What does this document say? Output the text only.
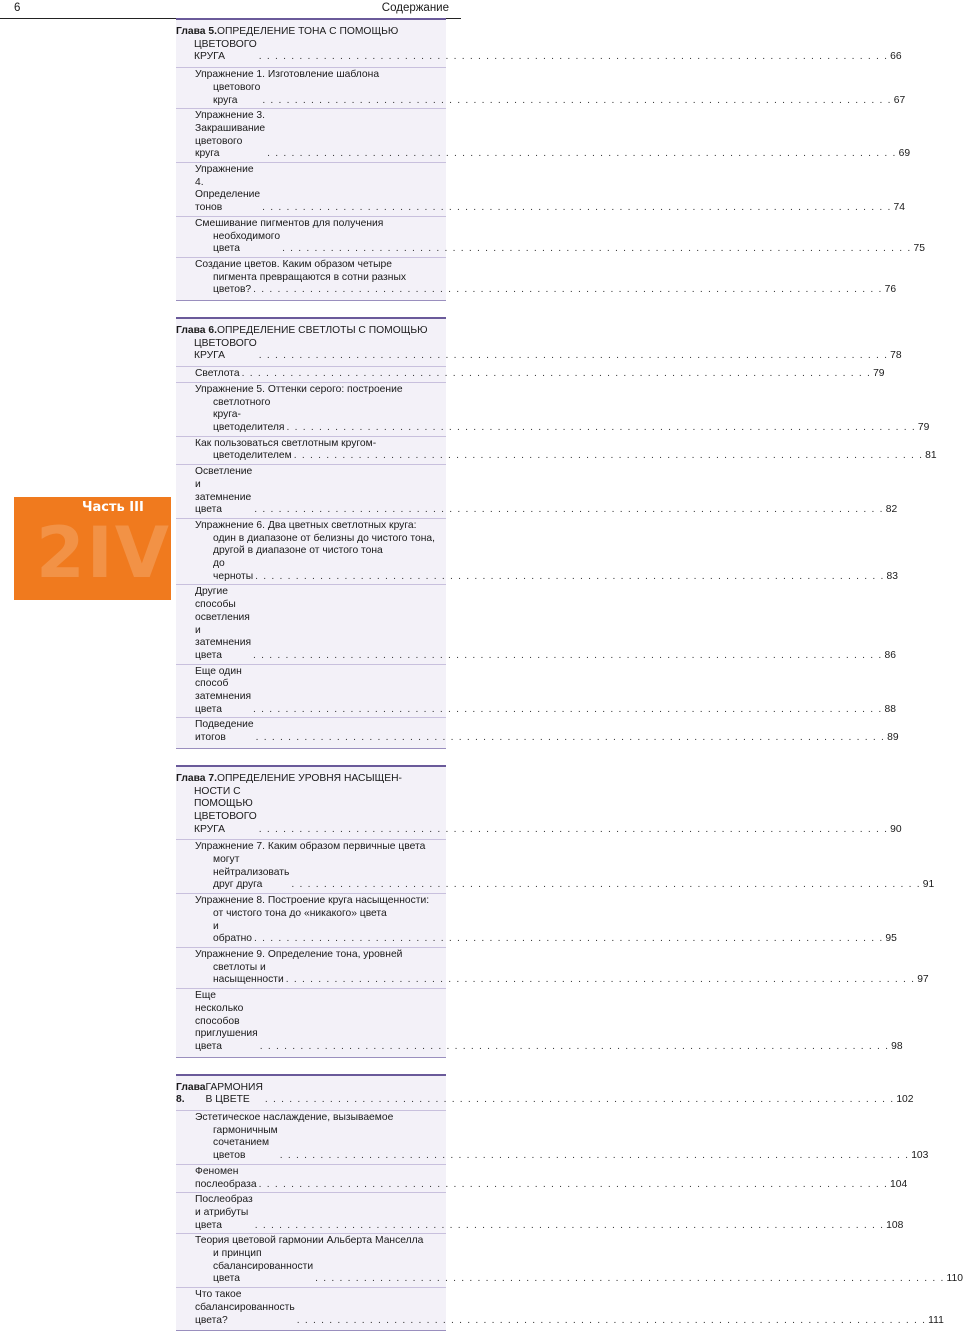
6	Содержание
2IV
Часть III
Глава 5. ОПРЕДЕЛЕНИЕ ТОНА С ПОМОЩЬЮ
ЦВЕТОВОГО КРУГА . . .	66
Упражнение 1. Изготовление шаблона
цветового круга . . .	67
Упражнение 3. Закрашивание цветового круга . . .	69
Упражнение 4. Определение тонов . . .	74
Смешивание пигментов для получения
необходимого цвета . . .	75
Создание цветов. Каким образом четыре
пигмента превращаются в сотни разных
цветов? . . .	76
Глава 6. ОПРЕДЕЛЕНИЕ СВЕТЛОТЫ С ПОМОЩЬЮ
ЦВЕТОВОГО КРУГА . . .	78
Светлота . . .	79
Упражнение 5. Оттенки серого: построение
светлотного круга-цветоделителя . . .	79
Как пользоваться светлотным кругом-
цветоделителем . . .	81
Осветление и затемнение цвета . . .	82
Упражнение 6. Два цветных светлотных круга:
один в диапазоне от белизны до чистого тона,
другой в диапазоне от чистого тона
до черноты . . .	83
Другие способы осветления и затемнения цвета . . .	86
Еще один способ затемнения цвета . . .	88
Подведение итогов . . .	89
Глава 7. ОПРЕДЕЛЕНИЕ УРОВНЯ НАСЫЩЕН-
НОСТИ С ПОМОЩЬЮ ЦВЕТОВОГО КРУГА . . .	90
Упражнение 7. Каким образом первичные цвета
могут нейтрализовать друг друга . . .	91
Упражнение 8. Построение круга насыщенности:
от чистого тона до «никакого» цвета
и обратно . . .	95
Упражнение 9. Определение тона, уровней
светлоты и насыщенности . . .	97
Еще несколько способов приглушения цвета . . .	98
Глава 8.
ГАРМОНИЯ В ЦВЕТЕ . . .	102
Эстетическое наслаждение, вызываемое
гармоничным сочетанием цветов . . .	103
Феномен послеобраза . . .	104
Послеобраз и атрибуты цвета . . .	108
Теория цветовой гармонии Альберта Манселла
и принцип сбалансированности цвета . . .	110
Что такое сбалансированность цвета? . . .	111
